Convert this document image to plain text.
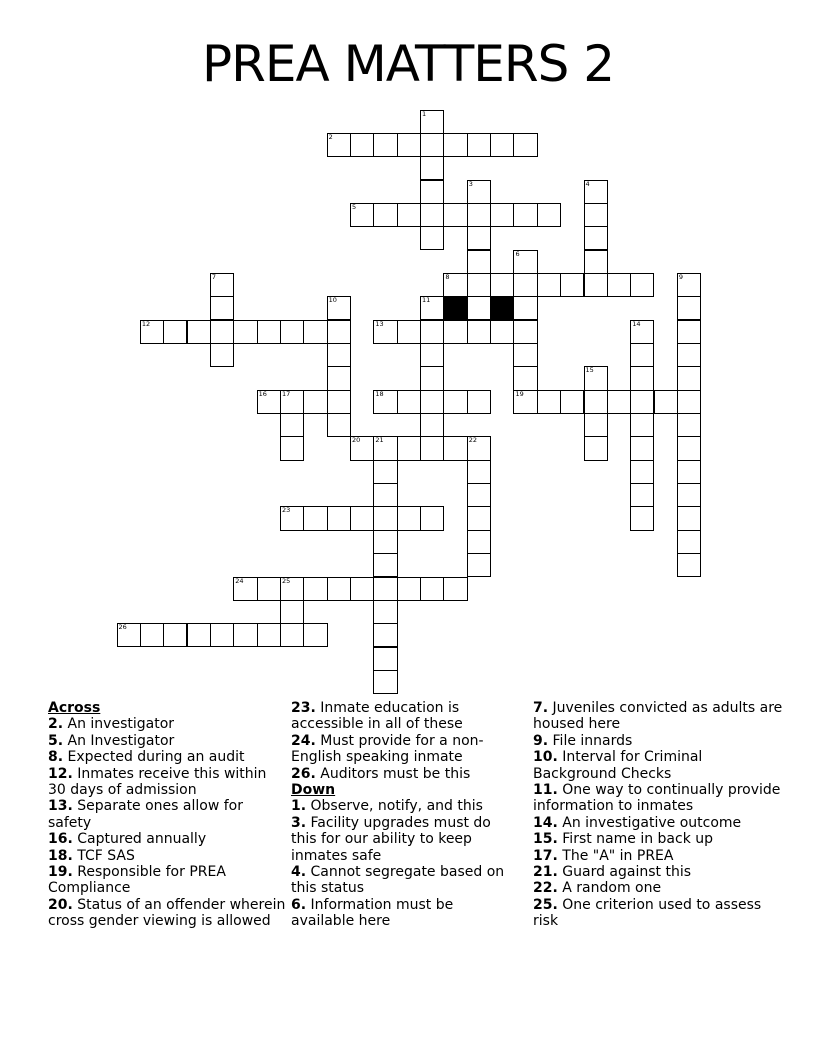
PREA MATTERS 2
1
2
3	4
5
6
7	8	9
10	11
12	13	14
15
16 17	18	19
20 21	22
23
24	25
26

Across

2. An investigator

5. An Investigator

8. Expected during an audit

12. Inmates receive this within 30 days of admission

13. Separate ones allow for safety

16. Captured annually

18. TCF SAS

19. Responsible for PREA Compliance

20. Status of an offender wherein cross gender viewing is allowed

23. Inmate education is accessible in all of these

24. Must provide for a non-English speaking inmate

26. Auditors must be this

Down

1. Observe, notify, and this

3. Facility upgrades must do this for our ability to keep inmates safe

4. Cannot segregate based on this status

6. Information must be available here

7. Juveniles convicted as adults are housed here

9. File innards

10. Interval for Criminal Background Checks

11. One way to continually provide information to inmates

14. An investigative outcome

15. First name in back up

17. The "A" in PREA

21. Guard against this

22. A random one

25. One criterion used to assess risk
